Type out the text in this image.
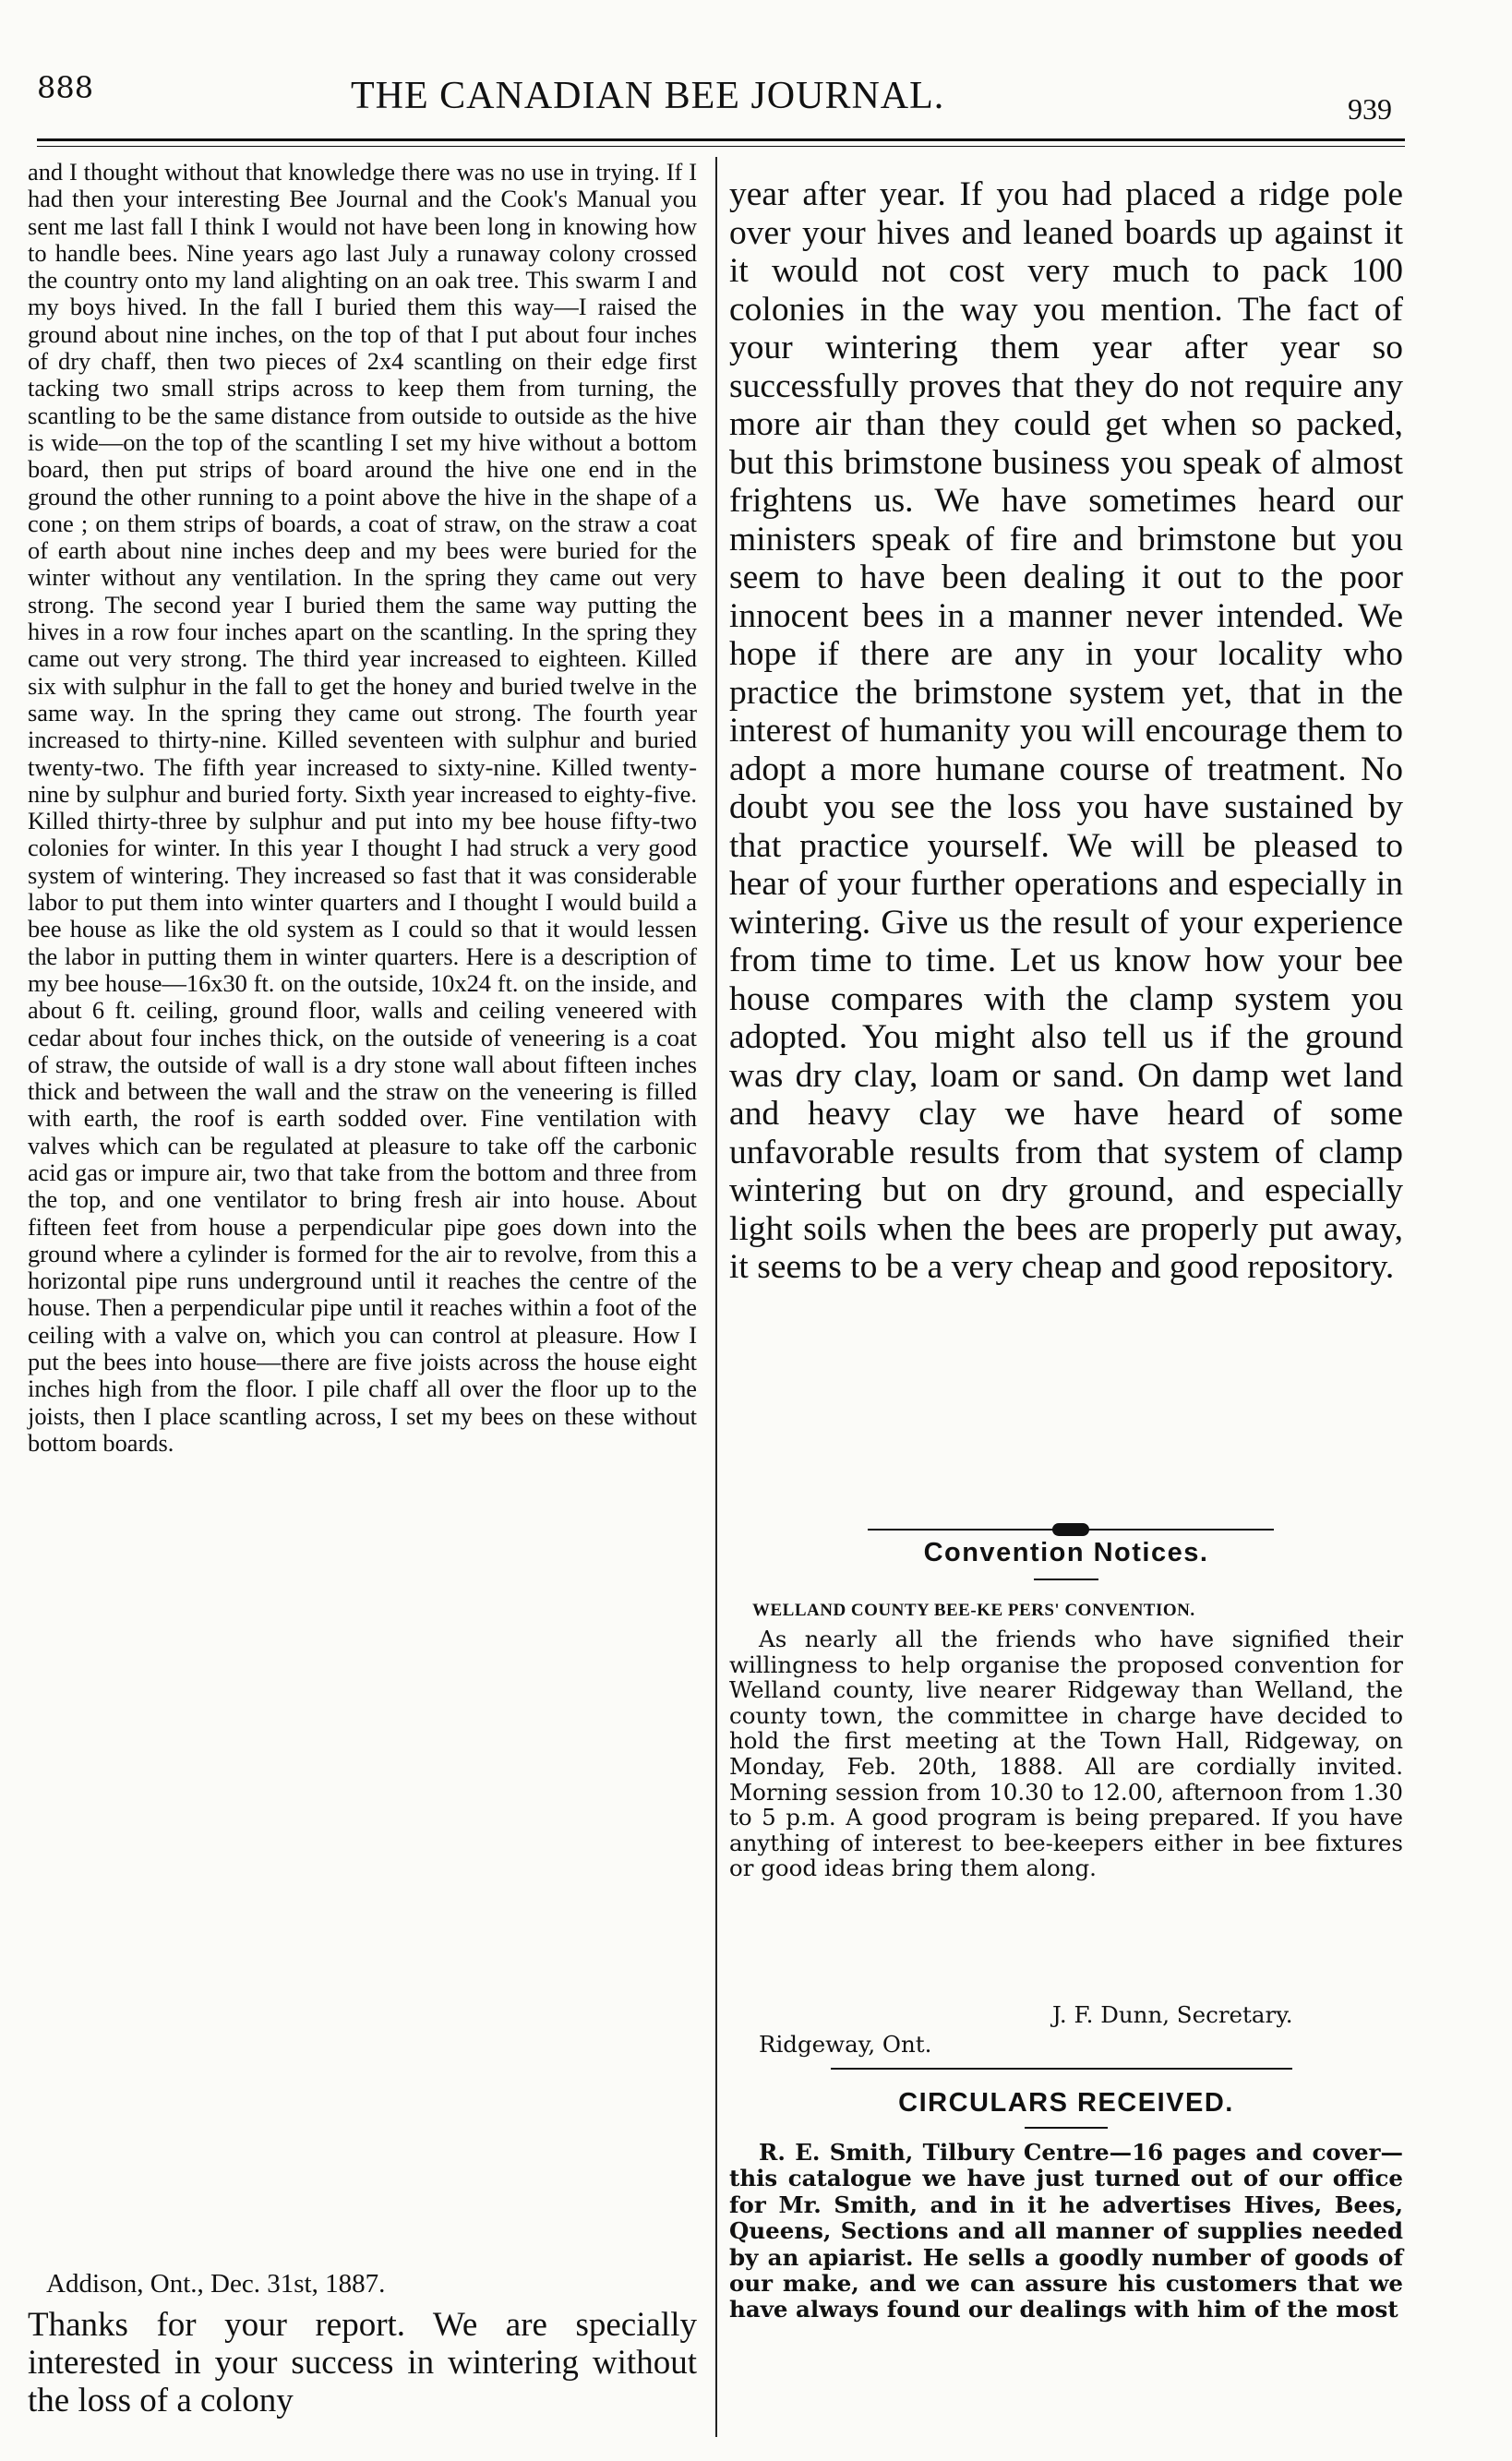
888	THE CANADIAN BEE JOURNAL.	939

and I thought without that knowledge there was no use in trying. If I had then your interesting Bee Journal and the Cook's Manual you sent me last fall I think I would not have been long in knowing how to handle bees. Nine years ago last July a runaway colony crossed the country onto my land alighting on an oak tree. This swarm I and my boys hived. In the fall I buried them this way—I raised the ground about nine inches, on the top of that I put about four inches of dry chaff, then two pieces of 2x4 scantling on their edge first tacking two small strips across to keep them from turning, the scantling to be the same distance from outside to outside as the hive is wide—on the top of the scantling I set my hive without a bottom board, then put strips of board around the hive one end in the ground the other running to a point above the hive in the shape of a cone ; on them strips of boards, a coat of straw, on the straw a coat of earth about nine inches deep and my bees were buried for the winter without any ventilation. In the spring they came out very strong. The second year I buried them the same way putting the hives in a row four inches apart on the scantling. In the spring they came out very strong. The third year increased to eighteen. Killed six with sulphur in the fall to get the honey and buried twelve in the same way. In the spring they came out strong. The fourth year increased to thirty-nine. Killed seventeen with sulphur and buried twenty-two. The fifth year increased to sixty-nine. Killed twenty-nine by sulphur and buried forty. Sixth year increased to eighty-five. Killed thirty-three by sulphur and put into my bee house fifty-two colonies for winter. In this year I thought I had struck a very good system of wintering. They increased so fast that it was considerable labor to put them into winter quarters and I thought I would build a bee house as like the old system as I could so that it would lessen the labor in putting them in winter quarters. Here is a description of my bee house—16x30 ft. on the outside, 10x24 ft. on the inside, and about 6 ft. ceiling, ground floor, walls and ceiling veneered with cedar about four inches thick, on the outside of veneering is a coat of straw, the outside of wall is a dry stone wall about fifteen inches thick and between the wall and the straw on the veneering is filled with earth, the roof is earth sodded over. Fine ventilation with valves which can be regulated at pleasure to take off the carbonic acid gas or impure air, two that take from the bottom and three from the top, and one ventilator to bring fresh air into house. About fifteen feet from house a perpendicular pipe goes down into the ground where a cylinder is formed for the air to revolve, from this a horizontal pipe runs underground until it reaches the centre of the house. Then a perpendicular pipe until it reaches within a foot of the ceiling with a valve on, which you can control at pleasure. How I put the bees into house—there are five joists across the house eight inches high from the floor. I pile chaff all over the floor up to the joists, then I place scantling across, I set my bees on these without bottom boards.

Addison, Ont., Dec. 31st, 1887.
Thanks for your report. We are specially interested in your success in wintering without the loss of a colony

year after year. If you had placed a ridge pole over your hives and leaned boards up against it it would not cost very much to pack 100 colonies in the way you mention. The fact of your wintering them year after year so successfully proves that they do not require any more air than they could get when so packed, but this brimstone business you speak of almost frightens us. We have sometimes heard our ministers speak of fire and brimstone but you seem to have been dealing it out to the poor innocent bees in a manner never intended. We hope if there are any in your locality who practice the brimstone system yet, that in the interest of humanity you will encourage them to adopt a more humane course of treatment. No doubt you see the loss you have sustained by that practice yourself. We will be pleased to hear of your further operations and especially in wintering. Give us the result of your experience from time to time. Let us know how your bee house compares with the clamp system you adopted. You might also tell us if the ground was dry clay, loam or sand. On damp wet land and heavy clay we have heard of some unfavorable results from that system of clamp wintering but on dry ground, and especially light soils when the bees are properly put away, it seems to be a very cheap and good repository.

Convention Notices.
WELLAND COUNTY BEE-KE PERS' CONVENTION.

As nearly all the friends who have signified their willingness to help organise the proposed convention for Welland county, live nearer Ridgeway than Welland, the county town, the committee in charge have decided to hold the first meeting at the Town Hall, Ridgeway, on Monday, Feb. 20th, 1888. All are cordially invited. Morning session from 10.30 to 12.00, afternoon from 1.30 to 5 p.m. A good program is being prepared. If you have anything of interest to bee-keepers either in bee fixtures or good ideas bring them along.

J. F. Dunn, Secretary.
Ridgeway, Ont.
CIRCULARS RECEIVED.

R. E. Smith, Tilbury Centre—16 pages and cover—this catalogue we have just turned out of our office for Mr. Smith, and in it he advertises Hives, Bees, Queens, Sections and all manner of supplies needed by an apiarist. He sells a goodly number of goods of our make, and we can assure his customers that we have always found our dealings with him of the most
